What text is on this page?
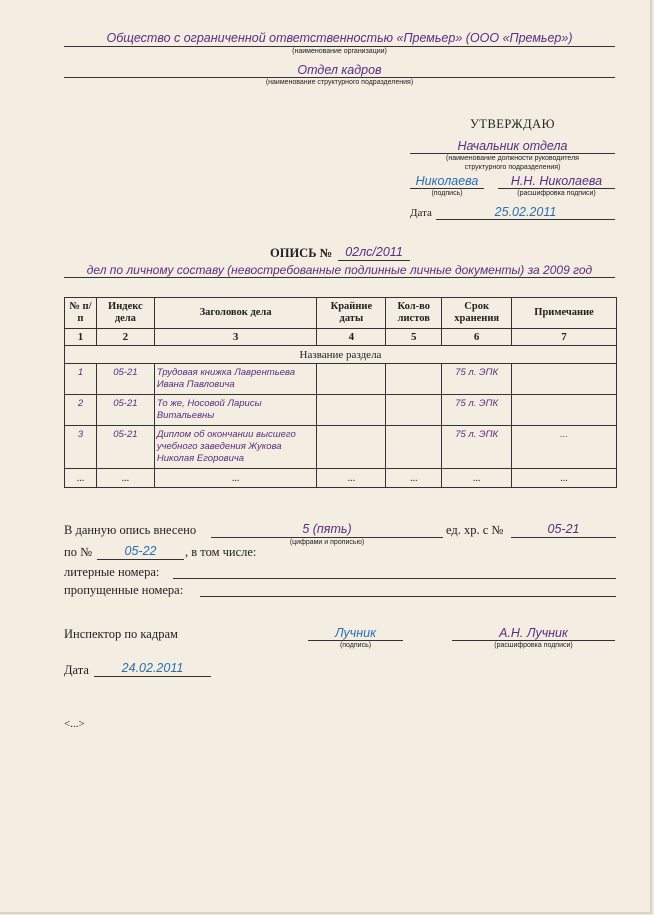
Общество с ограниченной ответственностью «Премьер» (ООО «Премьер»)
(наименование организации)
Отдел кадров
(наименование структурного подразделения)
УТВЕРЖДАЮ
Начальник отдела
(наименование должности руководителя
структурного подразделения)
Николаева
(подпись)
Н.Н. Николаева
(расшифровка подписи)
Дата	25.02.2011
ОПИСЬ №	02лс/2011
дел по личному составу (невостребованные подлинные личные документы) за 2009 год
№ п/п	Индекс дела	Заголовок дела	Крайние даты	Кол-во листов	Срок хранения	Примечание
1	2	3	4	5	6	7
Название раздела						
1	05-21	Трудовая книжка Лаврентьева Ивана Павловича			75 л. ЭПК	
2	05-21	То же, Носовой Ларисы Витальевны			75 л. ЭПК	
3	05-21	Диплом об окончании высшего учебного заведения Жукова Николая Егоровича			75 л. ЭПК	...
...	...	...	...	...	...	...
В данную опись внесено	5 (пять)
(цифрами и прописью)
ед. хр. с №	05-21
по №	05-22	, в том числе:
литерные номера:
пропущенные номера:
Инспектор по кадрам	Лучник
(подпись)
А.Н. Лучник
(расшифровка подписи)
Дата	24.02.2011
<...>
